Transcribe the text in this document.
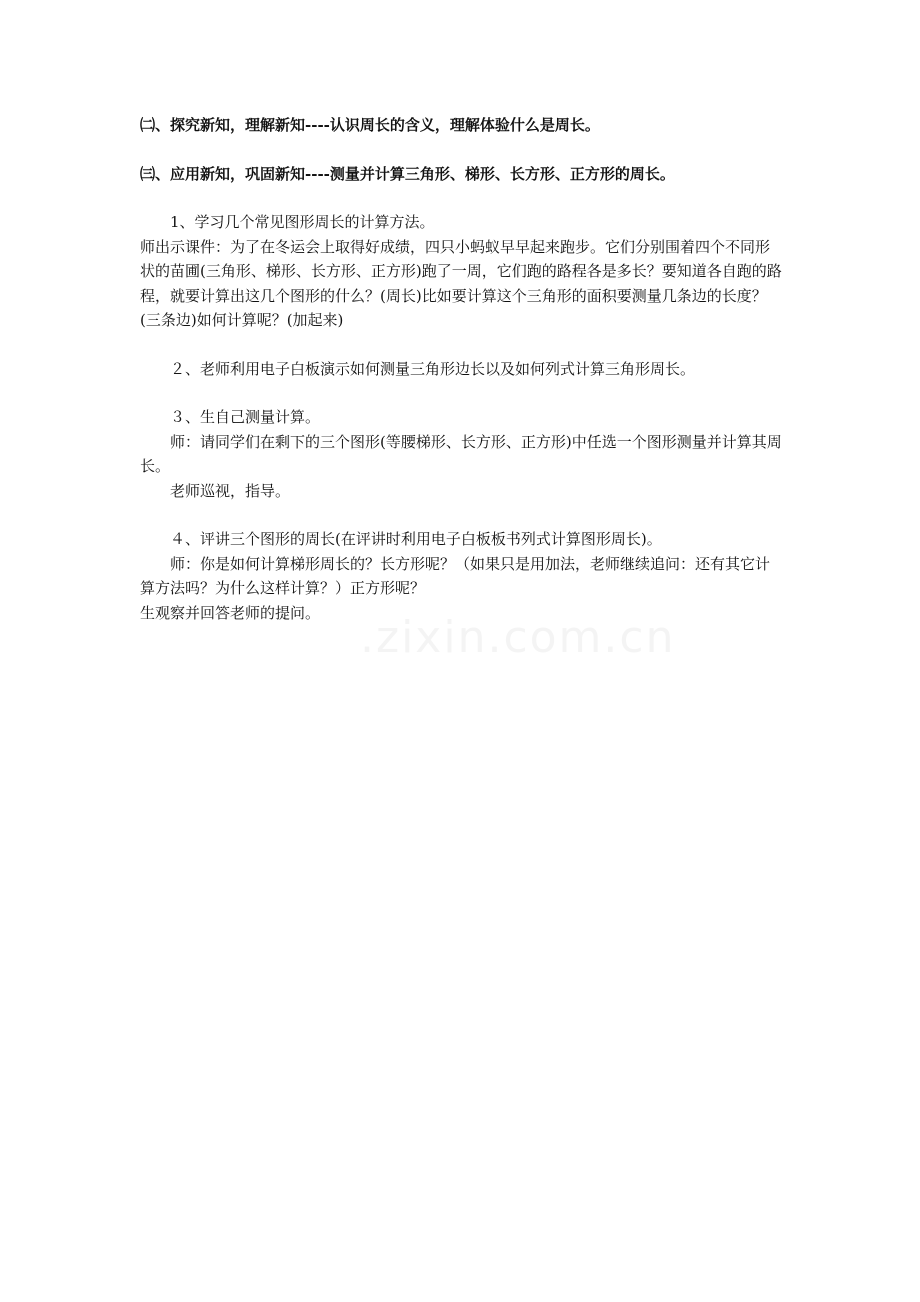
.zixin.com.cn

㈡、探究新知，理解新知----认识周长的含义，理解体验什么是周长。

㈢、应用新知，巩固新知----测量并计算三角形、梯形、长方形、正方形的周长。

1、学习几个常见图形周长的计算方法。

师出示课件：为了在冬运会上取得好成绩，四只小蚂蚁早早起来跑步。它们分别围着四个不同形状的苗圃(三角形、梯形、长方形、正方形)跑了一周，它们跑的路程各是多长？要知道各自跑的路程，就要计算出这几个图形的什么？(周长)比如要计算这个三角形的面积要测量几条边的长度？(三条边)如何计算呢？(加起来)

２、老师利用电子白板演示如何测量三角形边长以及如何列式计算三角形周长。

３、生自己测量计算。

师：请同学们在剩下的三个图形(等腰梯形、长方形、正方形)中任选一个图形测量并计算其周长。

老师巡视，指导。

４、评讲三个图形的周长(在评讲时利用电子白板板书列式计算图形周长)。

师：你是如何计算梯形周长的？长方形呢？（如果只是用加法，老师继续追问：还有其它计算方法吗？为什么这样计算？）正方形呢？

生观察并回答老师的提问。
